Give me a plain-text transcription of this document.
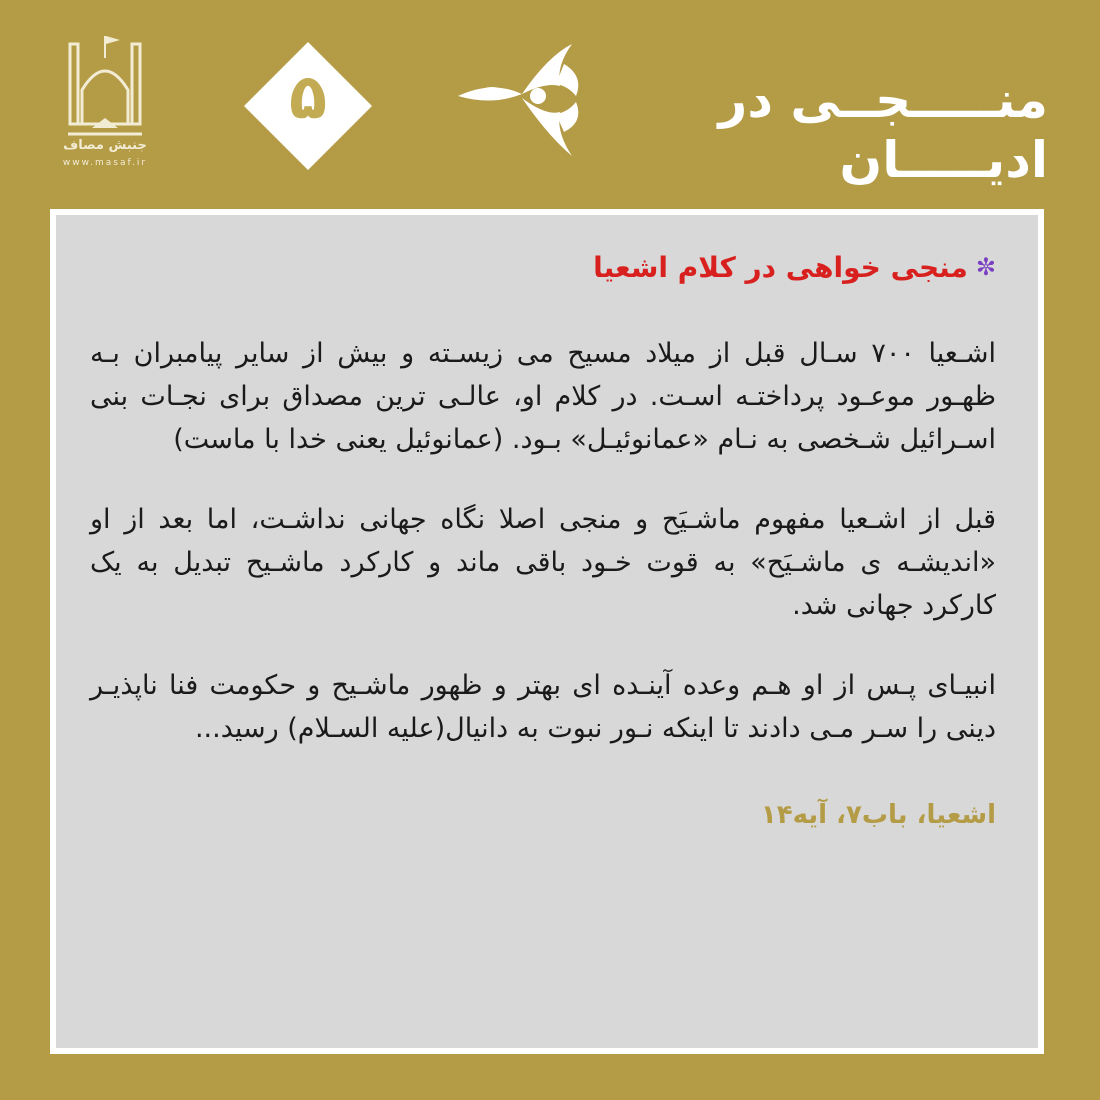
جنبش مصاف
www.masaf.ir
۵	منـــــجــی در ادیـــــان
✼
منجی خواهی در کلام اشعیا

اشـعیا ۷۰۰ سـال قبل از میلاد مسیح می زیسـته و بیش از سایر پیامبران بـه ظهـور موعـود پرداختـه اسـت. در کلام او، عالـی ترین مصداق برای نجـات بنی اسـرائیل شـخصی به نـام «عمانوئیـل» بـود. (عمانوئیل یعنی خدا با ماست)

قبل از اشـعیا مفهوم ماشـیَح و منجی اصلا نگاه جهانی نداشـت، اما بعد از او «اندیشـه ی ماشـیَح» به قوت خـود باقی ماند و کارکرد ماشـیح تبدیل به یک کارکرد جهانی شد.

انبیـای پـس از او هـم وعده آینـده ای بهتر و ظهور ماشـیح و حکومت فنا ناپذیـر دینی را سـر مـی دادند تا اینکه نـور نبوت به دانیال(علیه السـلام) رسید...

اشعیا، باب۷، آیه۱۴
